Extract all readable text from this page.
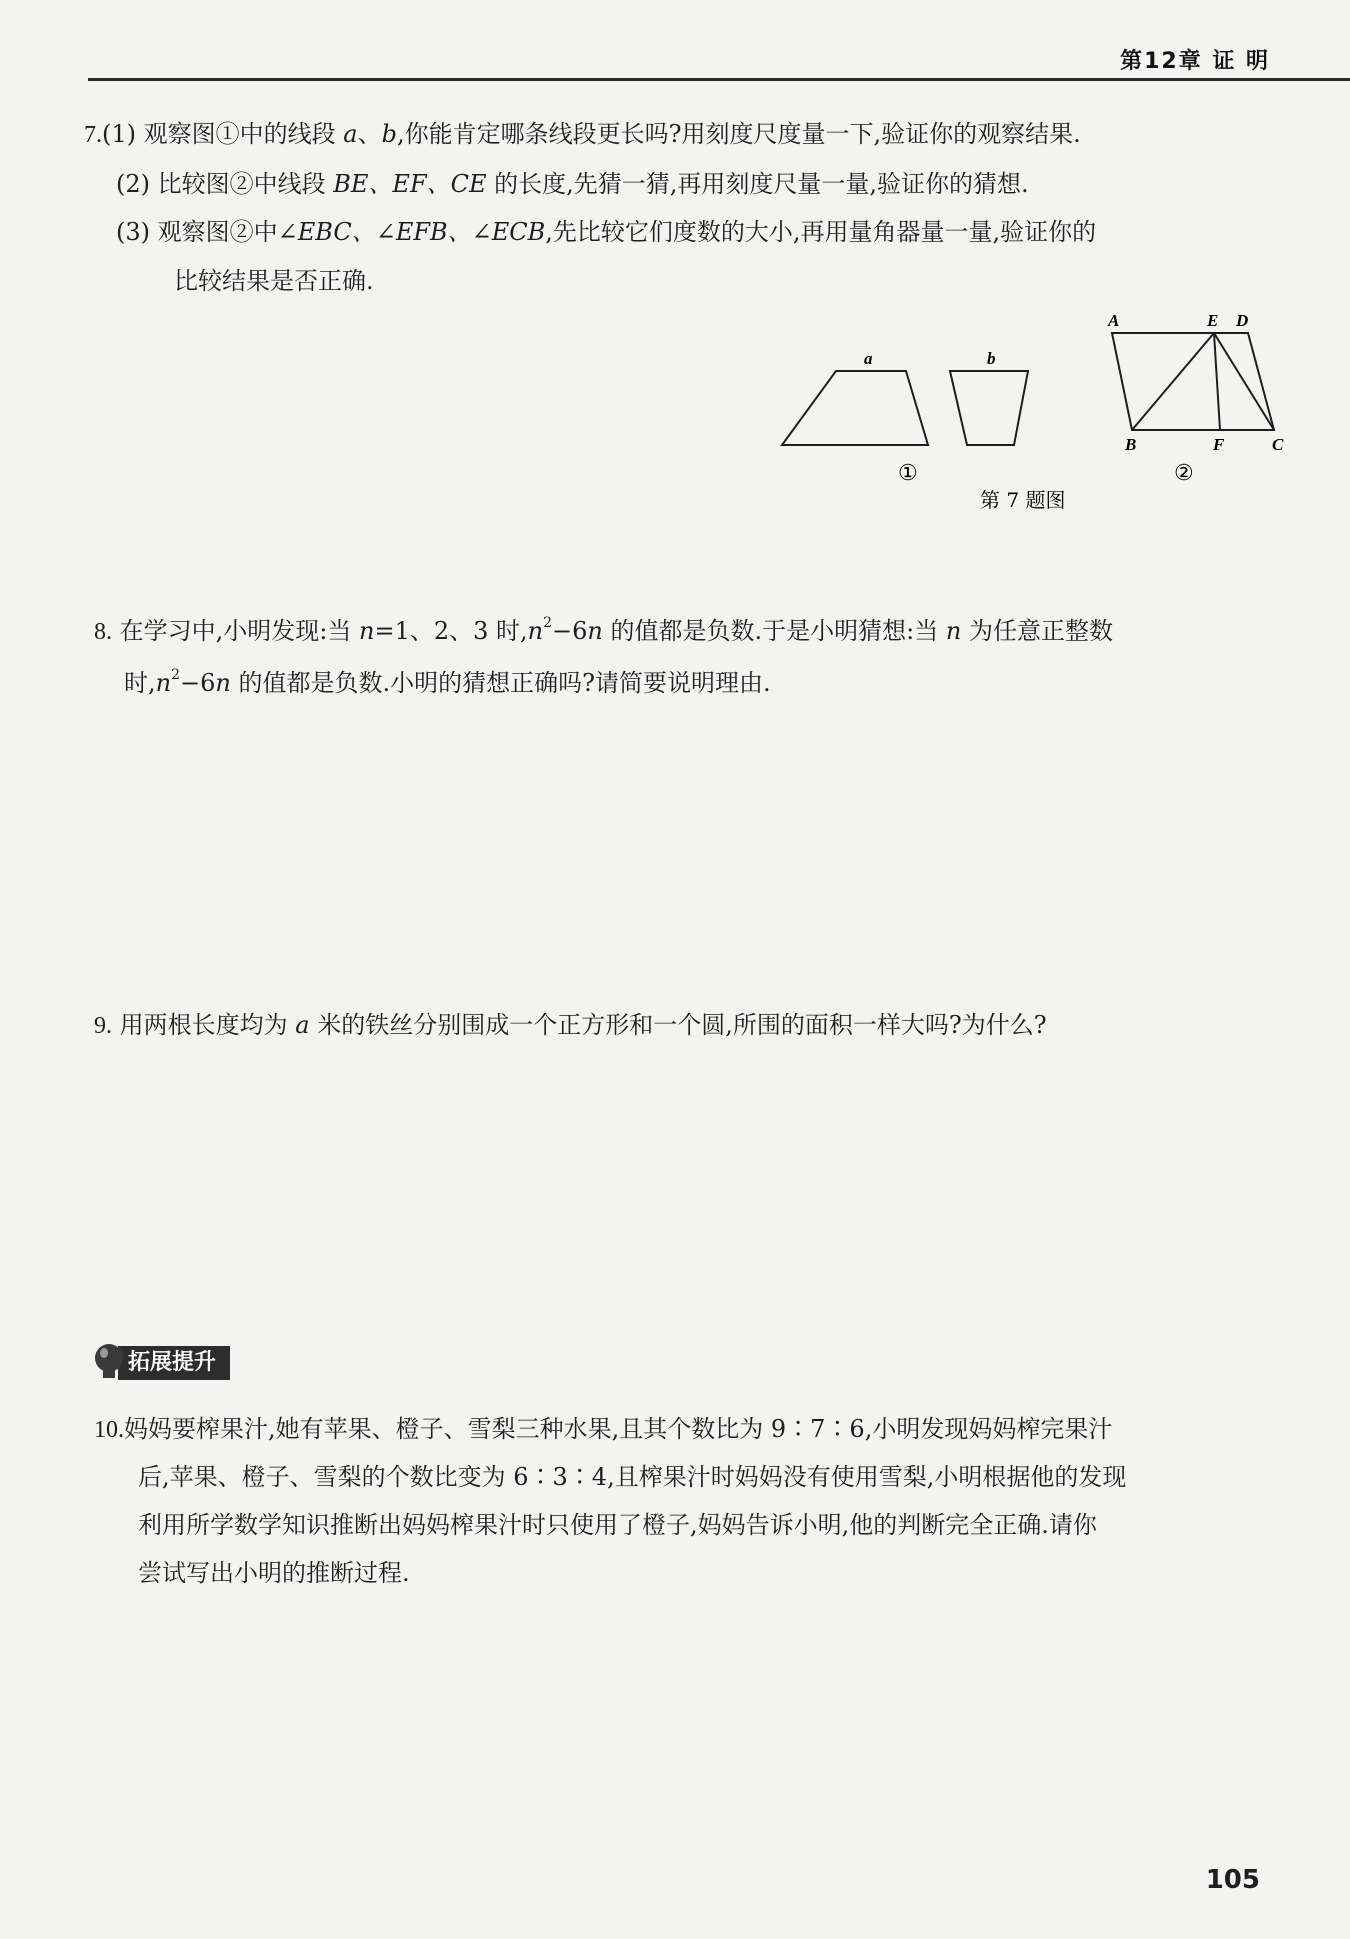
第12章 证 明
7.(1) 观察图①中的线段 a、b,你能肯定哪条线段更长吗?用刻度尺度量一下,验证你的观察结果.
(2) 比较图②中线段 BE、EF、CE 的长度,先猜一猜,再用刻度尺量一量,验证你的猜想.
(3) 观察图②中∠EBC、∠EFB、∠ECB,先比较它们度数的大小,再用量角器量一量,验证你的
比较结果是否正确.
a	b
A	E D
B	F	C
①	②
第 7 题图
8. 在学习中,小明发现:当 n=1、2、3 时$,n^2-6n$ 的值都是负数.于是小明猜想:当 n 为任意正整数
时$,n^2-6n$ 的值都是负数.小明的猜想正确吗?请简要说明理由.
9. 用两根长度均为 a 米的铁丝分别围成一个正方形和一个圆,所围的面积一样大吗?为什么?
拓展提升
10.妈妈要榨果汁,她有苹果、橙子、雪梨三种水果,且其个数比为 9∶7∶6,小明发现妈妈榨完果汁
后,苹果、橙子、雪梨的个数比变为 6∶3∶4,且榨果汁时妈妈没有使用雪梨,小明根据他的发现
利用所学数学知识推断出妈妈榨果汁时只使用了橙子,妈妈告诉小明,他的判断完全正确.请你
尝试写出小明的推断过程.
105
